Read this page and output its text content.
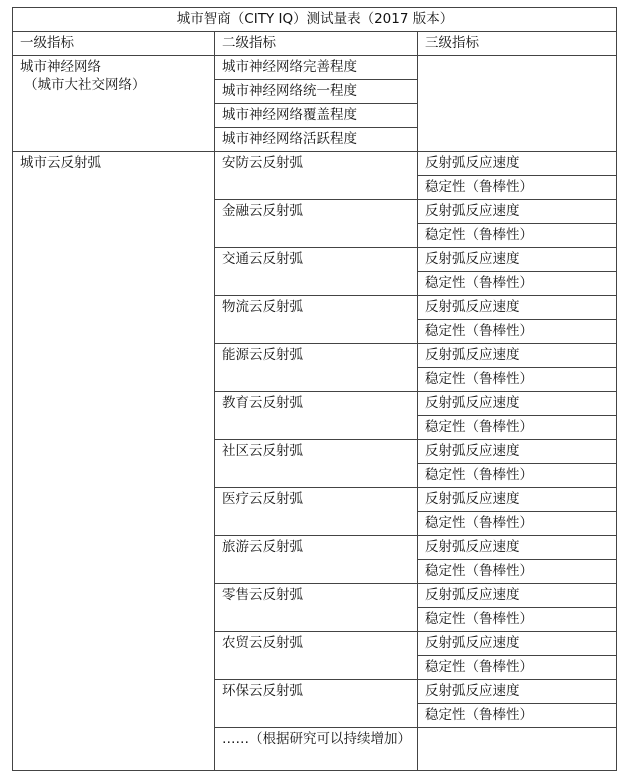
城市智商（CITY IQ）测试量表（2017 版本）		
一级指标	二级指标	三级指标

城市神经网络
（城市大社交网络）	城市神经网络完善程度	
	城市神经网络统一程度	
	城市神经网络覆盖程度	
	城市神经网络活跃程度	
城市云反射弧	安防云反射弧	反射弧反应速度
		稳定性（鲁棒性）
	金融云反射弧	反射弧反应速度
		稳定性（鲁棒性）
	交通云反射弧	反射弧反应速度
		稳定性（鲁棒性）
	物流云反射弧	反射弧反应速度
		稳定性（鲁棒性）
	能源云反射弧	反射弧反应速度
		稳定性（鲁棒性）
	教育云反射弧	反射弧反应速度
		稳定性（鲁棒性）
	社区云反射弧	反射弧反应速度
		稳定性（鲁棒性）
	医疗云反射弧	反射弧反应速度
		稳定性（鲁棒性）
	旅游云反射弧	反射弧反应速度
		稳定性（鲁棒性）
	零售云反射弧	反射弧反应速度
		稳定性（鲁棒性）
	农贸云反射弧	反射弧反应速度
		稳定性（鲁棒性）
	环保云反射弧	反射弧反应速度
		稳定性（鲁棒性）
	……（根据研究可以持续增加）	
